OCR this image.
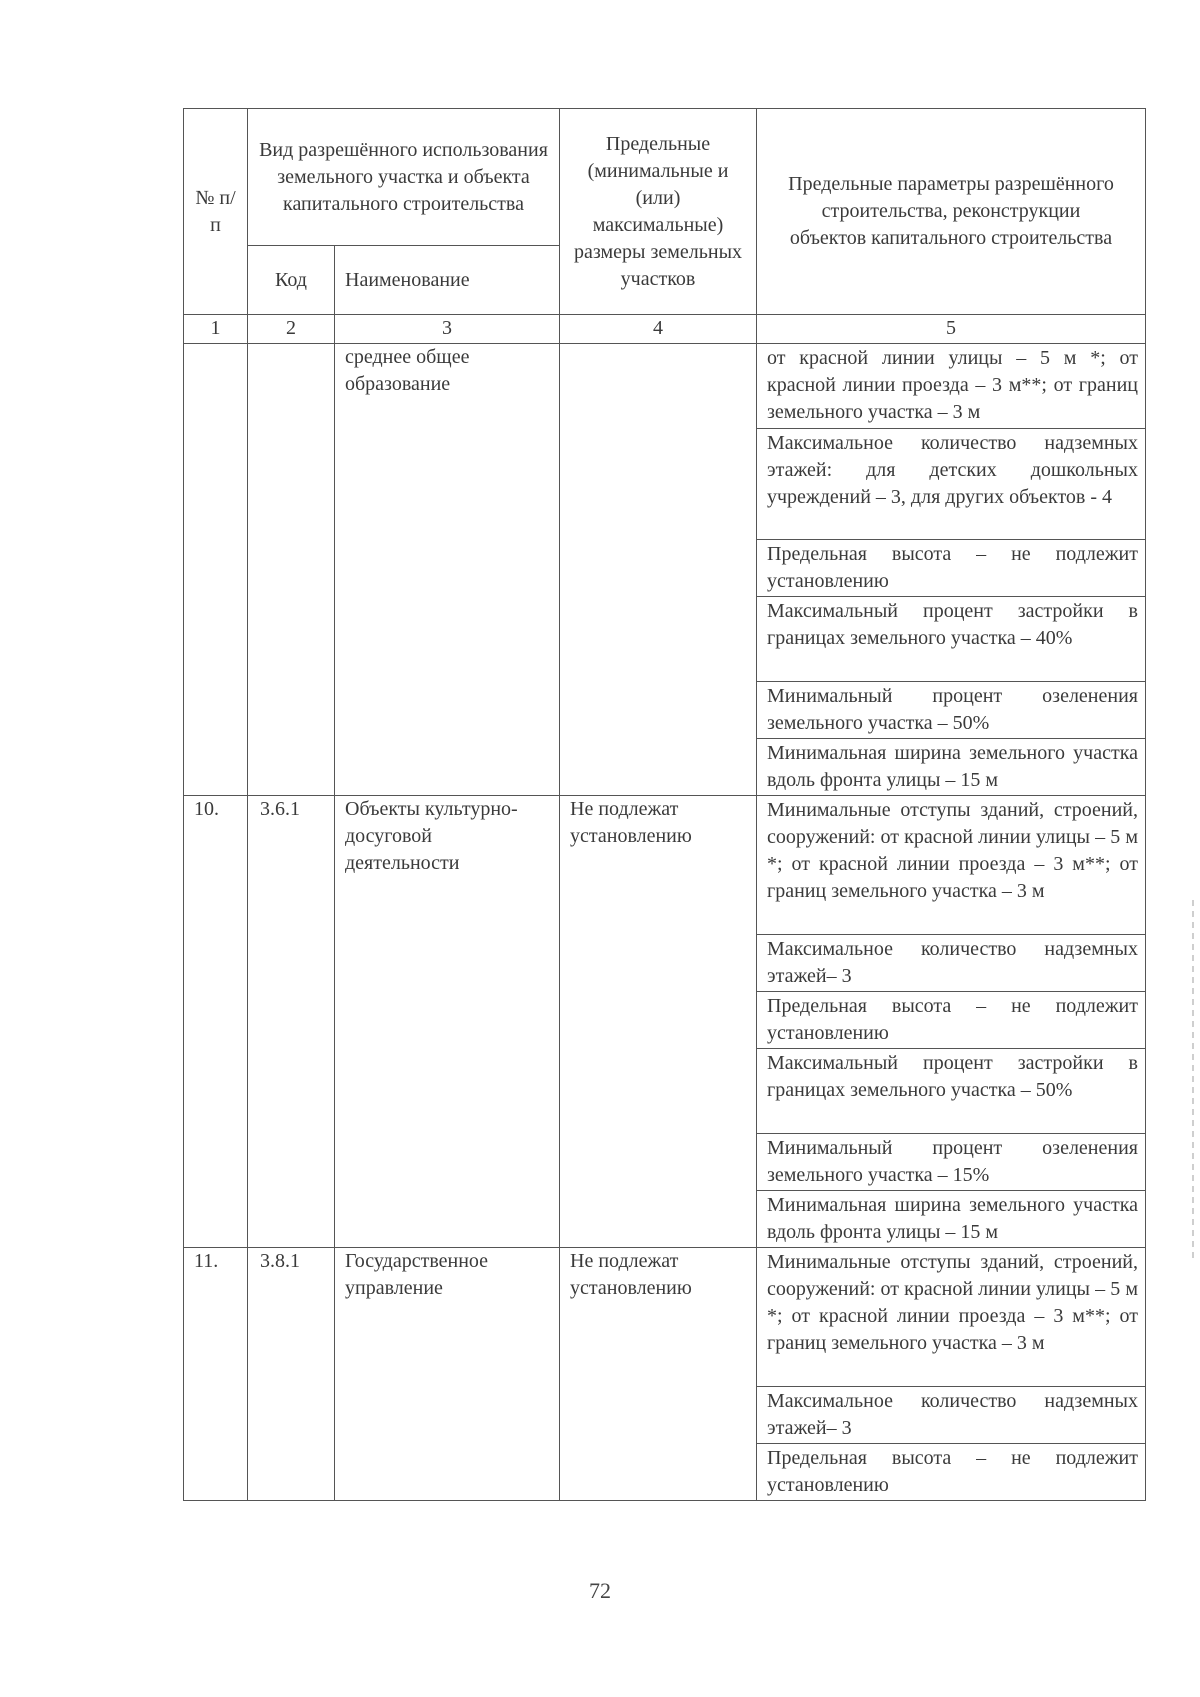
№ п/п	Вид разрешённого использования земельного участка и объекта капитального строительства		Предельные (минимальные и (или) максимальные) размеры земельных участков	Предельные параметры разрешённого строительства, реконструкции объектов капитального строительства
	Код	Наименование		
1	2	3	4	5
		среднее общее образование		от красной линии улицы – 5 м *; от красной линии проезда – 3 м**; от границ земельного участка – 3 м
				Максимальное количество надземных этажей: для детских дошкольных учреждений – 3, для других объектов - 4
				Предельная высота – не подлежит установлению
				Максимальный процент застройки в границах земельного участка – 40%
				Минимальный процент озеленения земельного участка – 50%
				Минимальная ширина земельного участка вдоль фронта улицы – 15 м
10.	3.6.1	Объекты культурно-досуговой деятельности	Не подлежат установлению	Минимальные отступы зданий, строений, сооружений: от красной линии улицы – 5 м *; от красной линии проезда – 3 м**; от границ земельного участка – 3 м
				Максимальное количество надземных этажей– 3
				Предельная высота – не подлежит установлению
				Максимальный процент застройки в границах земельного участка – 50%
				Минимальный процент озеленения земельного участка – 15%
				Минимальная ширина земельного участка вдоль фронта улицы – 15 м
11.	3.8.1	Государственное управление	Не подлежат установлению	Минимальные отступы зданий, строений, сооружений: от красной линии улицы – 5 м *; от красной линии проезда – 3 м**; от границ земельного участка – 3 м
				Максимальное количество надземных этажей– 3
				Предельная высота – не подлежит установлению
72
